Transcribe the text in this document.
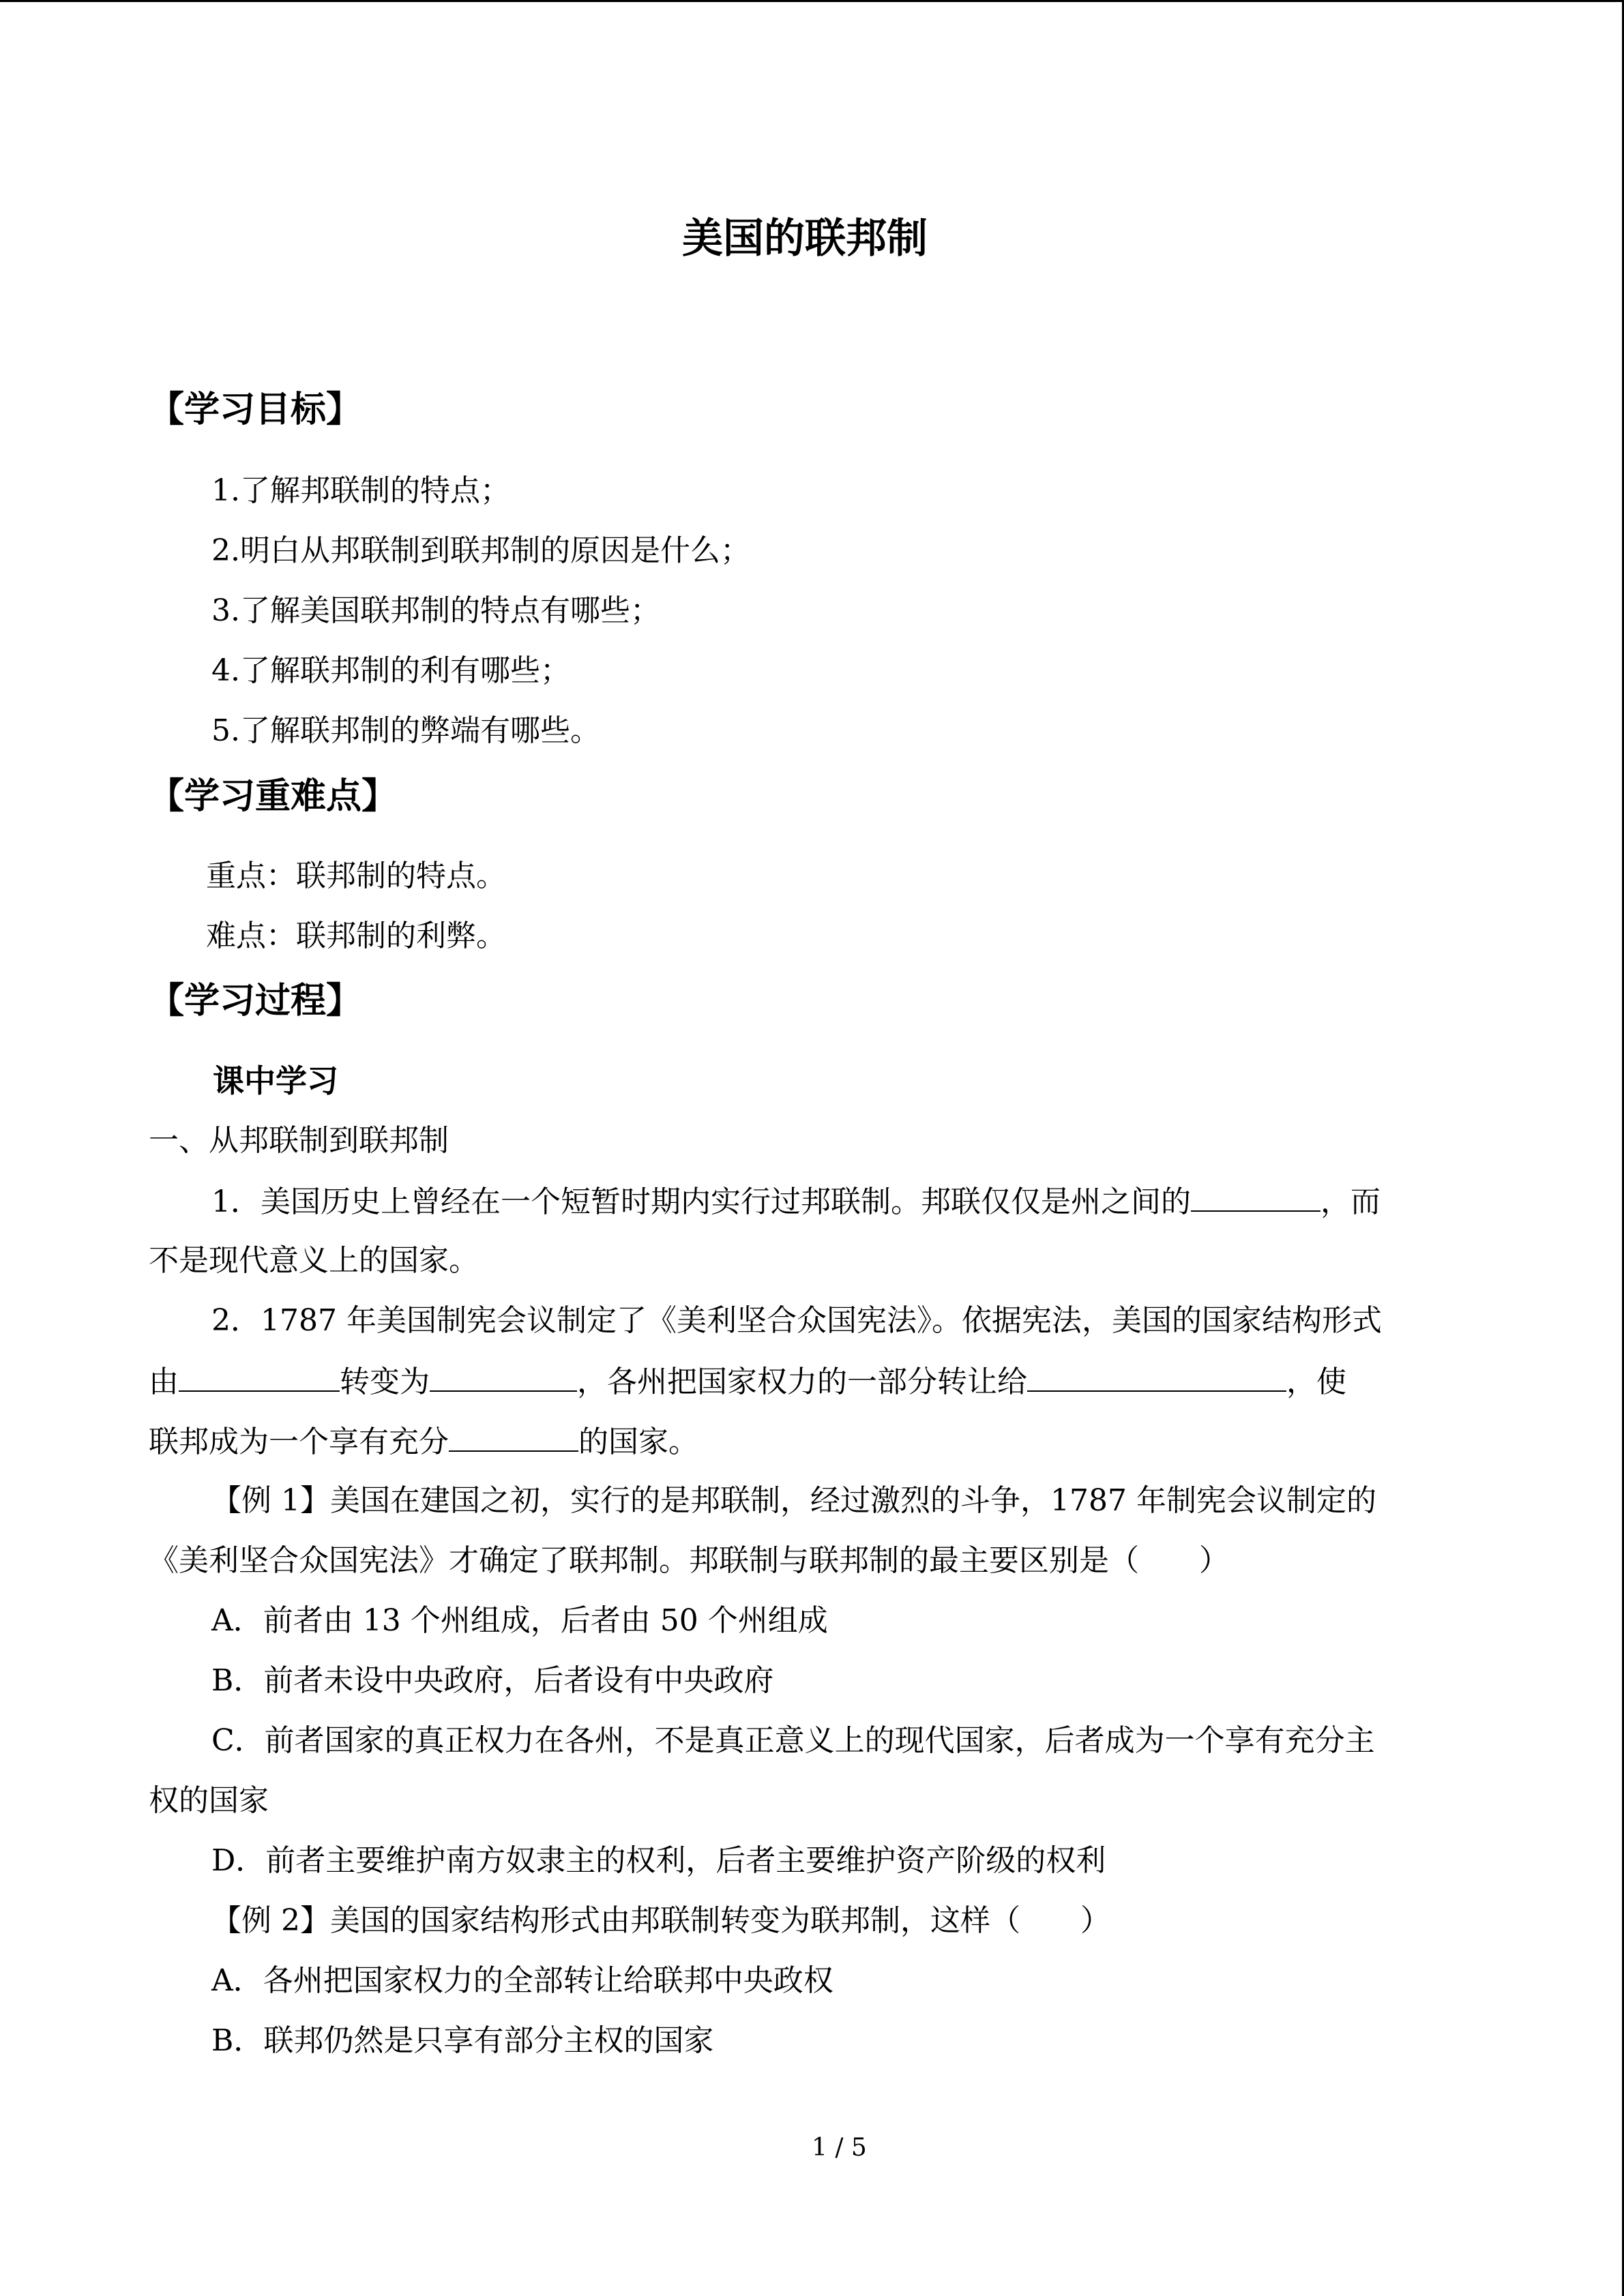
美国的联邦制
【学习目标】
1.了解邦联制的特点；
2.明白从邦联制到联邦制的原因是什么；
3.了解美国联邦制的特点有哪些；
4.了解联邦制的利有哪些；
5.了解联邦制的弊端有哪些。
【学习重难点】
重点：联邦制的特点。
难点：联邦制的利弊。
【学习过程】
课中学习
一、从邦联制到联邦制
1．美国历史上曾经在一个短暂时期内实行过邦联制。邦联仅仅是州之间的	，而
不是现代意义上的国家。
2．1787 年美国制宪会议制定了《美利坚合众国宪法》。依据宪法，美国的国家结构形式
由	转变为	，各州把国家权力的一部分转让给	，使
联邦成为一个享有充分	的国家。
【例 1】美国在建国之初，实行的是邦联制，经过激烈的斗争，1787 年制宪会议制定的
《美利坚合众国宪法》才确定了联邦制。邦联制与联邦制的最主要区别是（　　）
A．前者由 13 个州组成，后者由 50 个州组成
B．前者未设中央政府，后者设有中央政府
C．前者国家的真正权力在各州，不是真正意义上的现代国家，后者成为一个享有充分主
权的国家
D．前者主要维护南方奴隶主的权利，后者主要维护资产阶级的权利
【例 2】美国的国家结构形式由邦联制转变为联邦制，这样（　　）
A．各州把国家权力的全部转让给联邦中央政权
B．联邦仍然是只享有部分主权的国家
1 / 5
